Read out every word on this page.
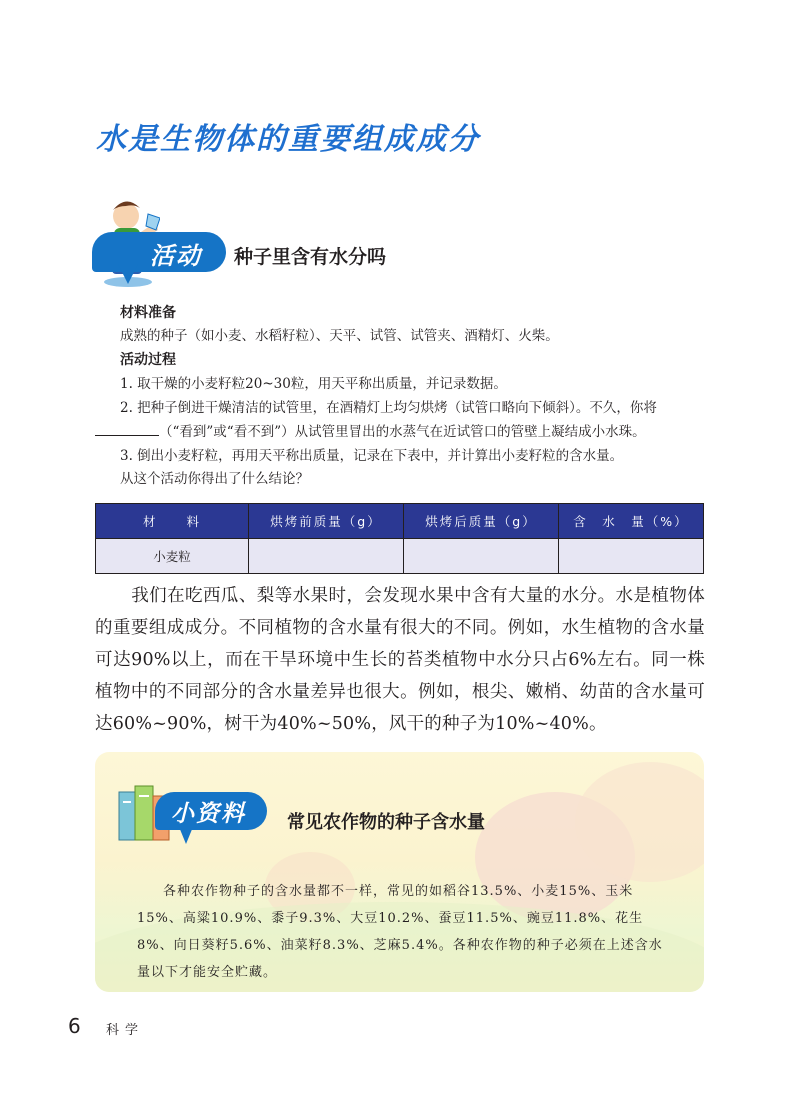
水是生物体的重要组成成分
活动 种子里含有水分吗
材料准备
成熟的种子（如小麦、水稻籽粒）、天平、试管、试管夹、酒精灯、火柴。
活动过程
1. 取干燥的小麦籽粒20~30粒，用天平称出质量，并记录数据。
2. 把种子倒进干燥清洁的试管里，在酒精灯上均匀烘烤（试管口略向下倾斜）。不久，你将
（“看到”或“看不到”）从试管里冒出的水蒸气在近试管口的管壁上凝结成小水珠。
3. 倒出小麦籽粒，再用天平称出质量，记录在下表中，并计算出小麦籽粒的含水量。
从这个活动你得出了什么结论？
材　　料	烘烤前质量（g）	烘烤后质量（g）	含　水　量（%）
小麦粒			
我们在吃西瓜、梨等水果时，会发现水果中含有大量的水分。水是植物体的重要组成成分。不同植物的含水量有很大的不同。例如，水生植物的含水量可达90%以上，而在干旱环境中生长的苔类植物中水分只占6%左右。同一株植物中的不同部分的含水量差异也很大。例如，根尖、嫩梢、幼苗的含水量可达60%~90%，树干为40%~50%，风干的种子为10%~40%。
小资料 常见农作物的种子含水量

各种农作物种子的含水量都不一样，常见的如稻谷13.5%、小麦15%、玉米15%、高粱10.9%、黍子9.3%、大豆10.2%、蚕豆11.5%、豌豆11.8%、花生8%、向日葵籽5.6%、油菜籽8.3%、芝麻5.4%。各种农作物的种子必须在上述含水量以下才能安全贮藏。

6 科学
